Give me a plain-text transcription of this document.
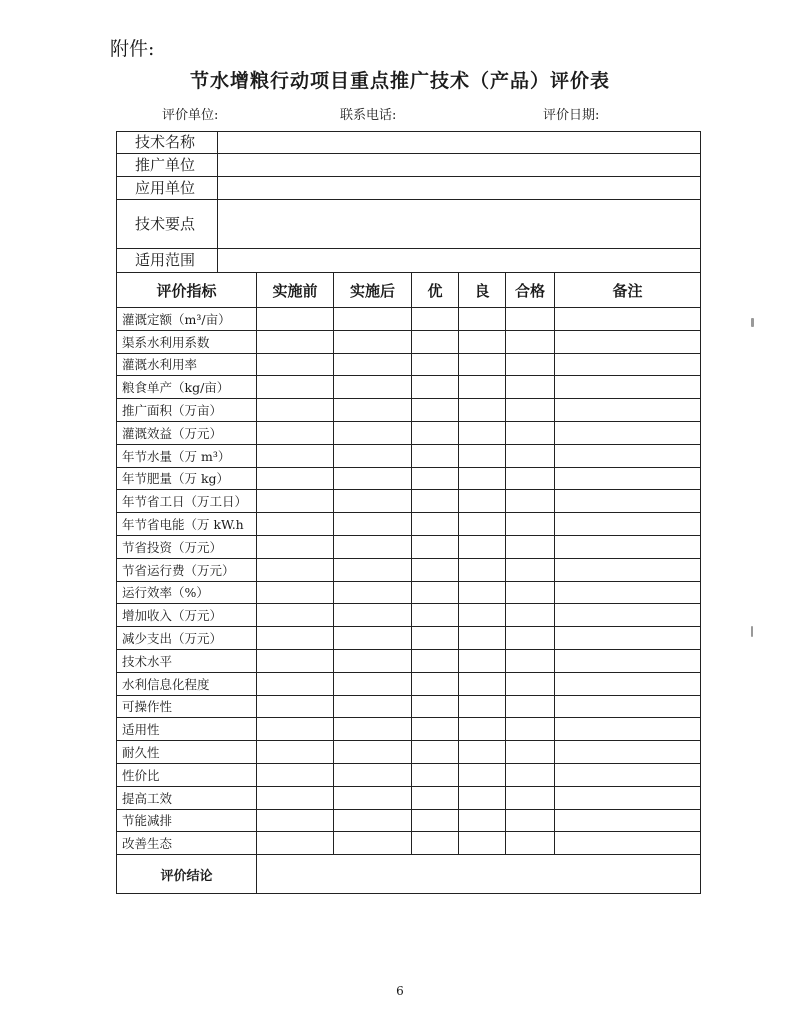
附件:
节水增粮行动项目重点推广技术（产品）评价表
评价单位:	联系电话:	评价日期:
技术名称	
推广单位	
应用单位	
技术要点	
适用范围	
评价指标	实施前	实施后	优	良	合格	备注
灌溉定额（m³/亩）						
渠系水利用系数						
灌溉水利用率						
粮食单产（kg/亩）						
推广面积（万亩）						
灌溉效益（万元）						
年节水量（万 m³）						
年节肥量（万 kg）						
年节省工日（万工日）						
年节省电能（万 kW.h						
节省投资（万元）						
节省运行费（万元）						
运行效率（%）						
增加收入（万元）						
减少支出（万元）						
技术水平						
水利信息化程度						
可操作性						
适用性						
耐久性						
性价比						
提高工效						
节能减排						
改善生态						
评价结论						
6
